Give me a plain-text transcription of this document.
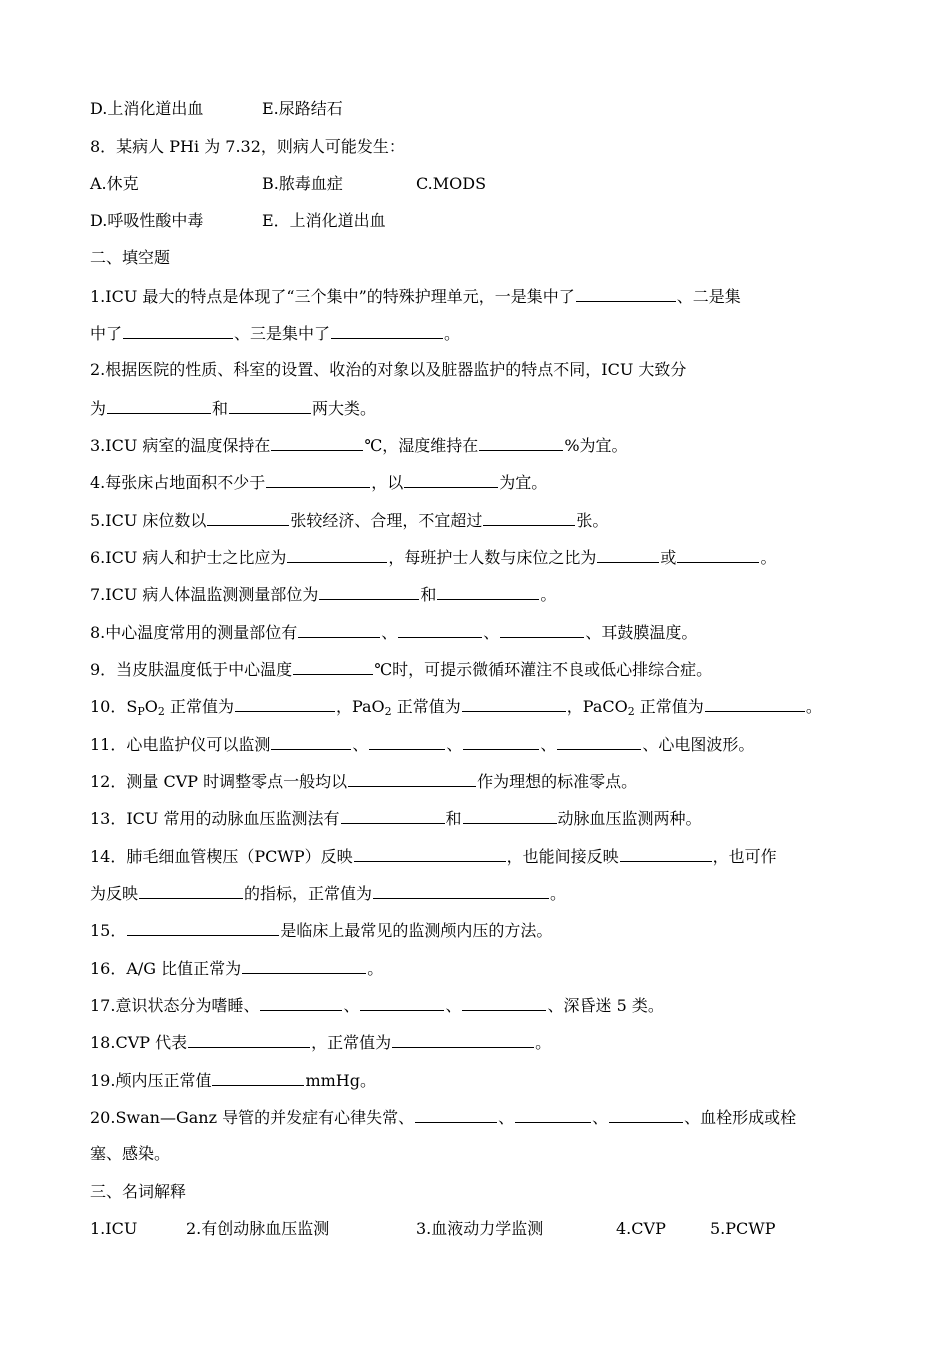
D.上消化道出血	E.尿路结石
8．某病人 PHi 为 7.32，则病人可能发生：
A.休克	B.脓毒血症	C.MODS
D.呼吸性酸中毒	E．上消化道出血
二、填空题
1.ICU 最大的特点是体现了“三个集中”的特殊护理单元，一是集中了	、二是集
中了	、三是集中了	。
2.根据医院的性质、科室的设置、收治的对象以及脏器监护的特点不同，ICU 大致分
为	和	两大类。
3.ICU 病室的温度保持在	℃，湿度维持在	%为宜。
4.每张床占地面积不少于	，以	为宜。
5.ICU 床位数以	张较经济、合理，不宜超过	张。
6.ICU 病人和护士之比应为	，每班护士人数与床位之比为	或	。
7.ICU 病人体温监测测量部位为	和	。
8.中心温度常用的测量部位有	、	、	、耳鼓膜温度。
9．当皮肤温度低于中心温度	℃时，可提示微循环灌注不良或低心排综合症。
10．$S_PO_2$ 正常值为	，PaO$_2$ 正常值为	，PaCO$_2$ 正常值为	。
11．心电监护仪可以监测	、	、	、	、心电图波形。
12．测量 CVP 时调整零点一般均以	作为理想的标准零点。
13．ICU 常用的动脉血压监测法有	和	动脉血压监测两种。
14．肺毛细血管楔压（PCWP）反映	，也能间接反映	，也可作
为反映	的指标，正常值为	。
15．	是临床上最常见的监测颅内压的方法。
16．A/G 比值正常为	。
17.意识状态分为嗜睡、	、	、	、深昏迷 5 类。
18.CVP 代表	，正常值为	。
19.颅内压正常值	mmHg。
20.Swan—Ganz 导管的并发症有心律失常、	、	、	、血栓形成或栓
塞、感染。
三、名词解释
1.ICU	2.有创动脉血压监测	3.血液动力学监测	4.CVP	5.PCWP
